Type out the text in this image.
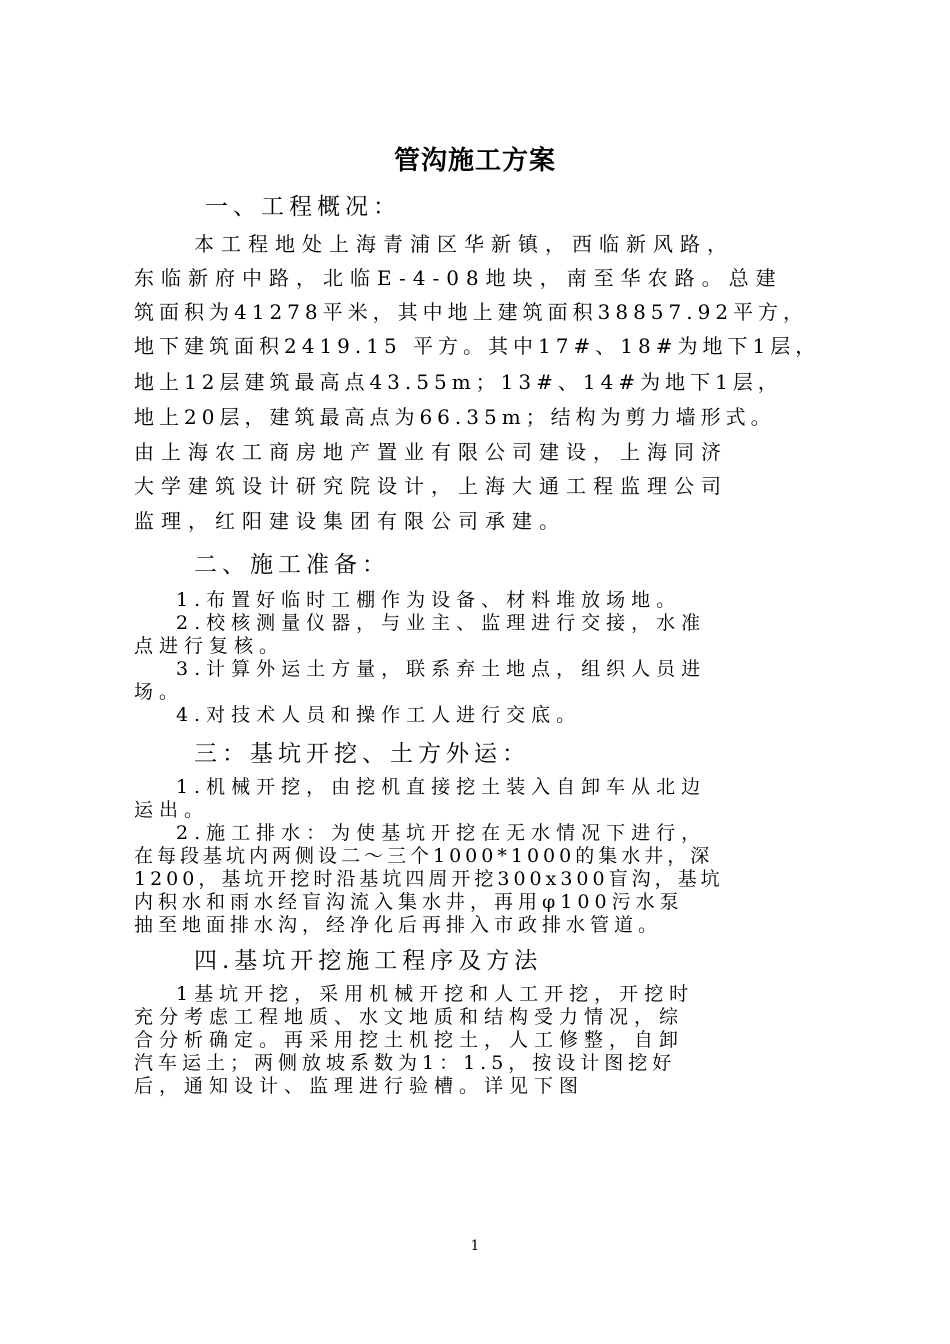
管沟施工方案
一、工程概况：
本工程地处上海青浦区华新镇，西临新风路，
东临新府中路，北临E-4-08地块，南至华农路。总建
筑面积为41278平米，其中地上建筑面积38857.92平方，
地下建筑面积2419.15 平方。其中17#、18#为地下1层，
地上12层建筑最高点43.55m；13#、14#为地下1层，
地上20层，建筑最高点为66.35m；结构为剪力墙形式。
由上海农工商房地产置业有限公司建设，上海同济
大学建筑设计研究院设计，上海大通工程监理公司
监理，红阳建设集团有限公司承建。
二、施工准备：
1.布置好临时工棚作为设备、材料堆放场地。
2.校核测量仪器，与业主、监理进行交接，水准
点进行复核。
3.计算外运土方量，联系弃土地点，组织人员进
场。
4.对技术人员和操作工人进行交底。
三：基坑开挖、土方外运：
1.机械开挖，由挖机直接挖土装入自卸车从北边
运出。
2.施工排水：为使基坑开挖在无水情况下进行，
在每段基坑内两侧设二～三个1000*1000的集水井，深
1200，基坑开挖时沿基坑四周开挖300x300盲沟，基坑
内积水和雨水经盲沟流入集水井，再用φ100污水泵
抽至地面排水沟，经净化后再排入市政排水管道。
四.基坑开挖施工程序及方法
1基坑开挖，采用机械开挖和人工开挖，开挖时
充分考虑工程地质、水文地质和结构受力情况，综
合分析确定。再采用挖土机挖土，人工修整，自卸
汽车运土；两侧放坡系数为1：1.5，按设计图挖好
后，通知设计、监理进行验槽。详见下图
1
